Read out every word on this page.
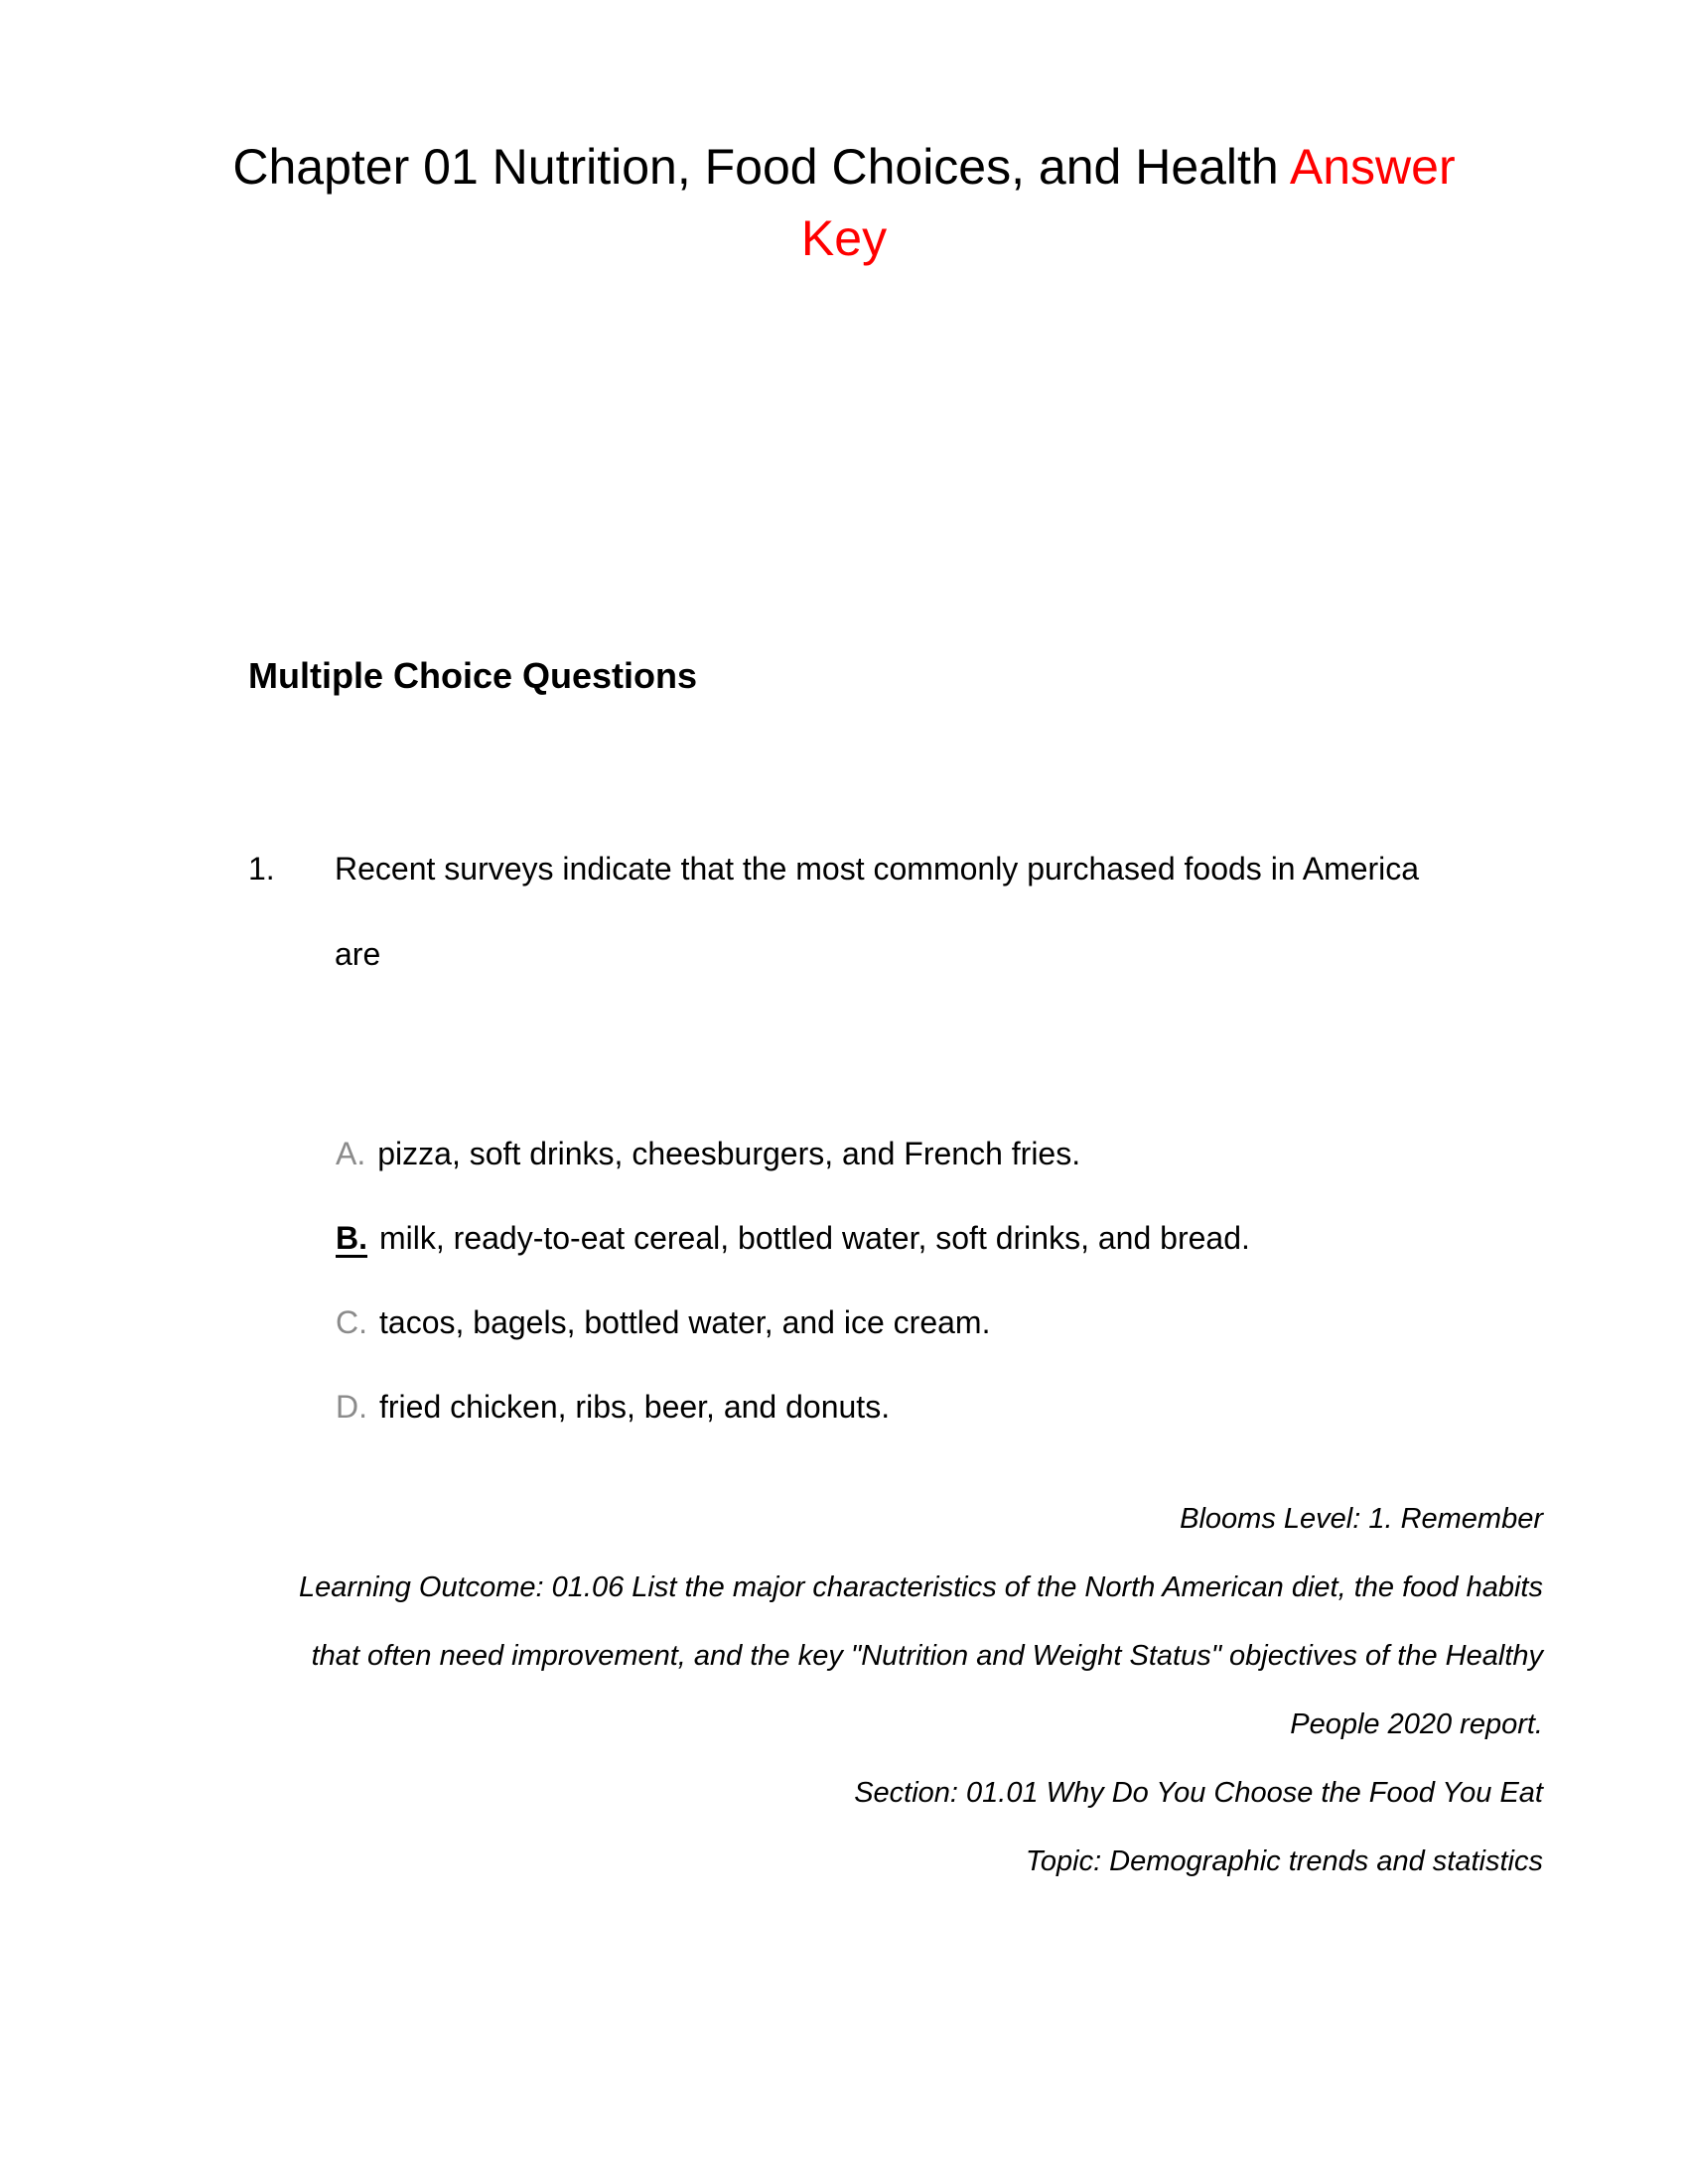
Chapter 01 Nutrition, Food Choices, and Health Answer
Key
Multiple Choice Questions
1.	Recent surveys indicate that the most commonly purchased foods in America are
A. pizza, soft drinks, cheesburgers, and French fries.
B. milk, ready-to-eat cereal, bottled water, soft drinks, and bread.
C. tacos, bagels, bottled water, and ice cream.
D. fried chicken, ribs, beer, and donuts.
Blooms Level: 1. Remember
Learning Outcome: 01.06 List the major characteristics of the North American diet, the food habits
that often need improvement, and the key "Nutrition and Weight Status" objectives of the Healthy
People 2020 report.
Section: 01.01 Why Do You Choose the Food You Eat
Topic: Demographic trends and statistics
